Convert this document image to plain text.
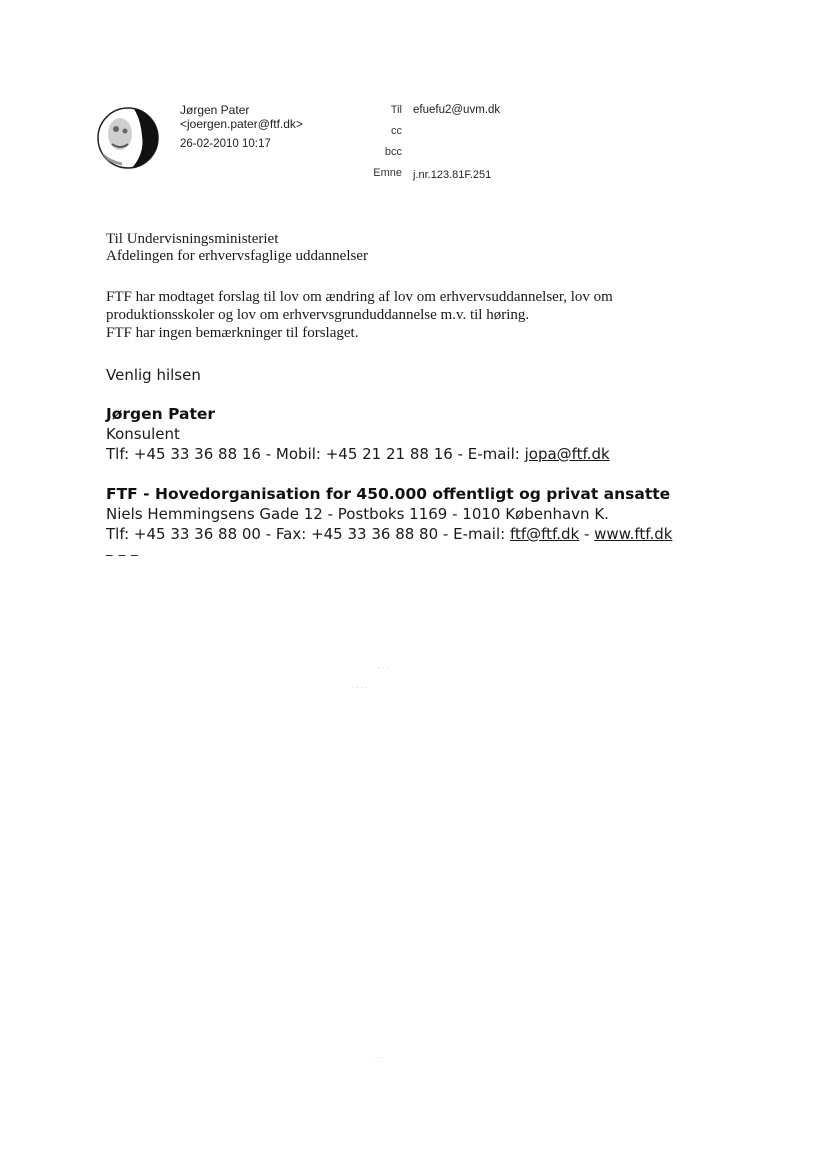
Jørgen Pater
<joergen.pater@ftf.dk>
26-02-2010 10:17
Til efuefu2@uvm.dk
cc
bcc
Emne j.nr.123.81F.251
Til Undervisningsministeriet
Afdelingen for erhvervsfaglige uddannelser
FTF har modtaget forslag til lov om ændring af lov om erhvervsuddannelser, lov om
produktionsskoler og lov om erhvervsgrunduddannelse m.v. til høring.
FTF har ingen bemærkninger til forslaget.
Venlig hilsen
Jørgen Pater
Konsulent
Tlf: +45 33 36 88 16 - Mobil: +45 21 21 88 16 - E-mail: jopa@ftf.dk
FTF - Hovedorganisation for 450.000 offentligt og privat ansatte
Niels Hemmingsens Gade 12 - Postboks 1169 - 1010 København K.
Tlf: +45 33 36 88 00 - Fax: +45 33 36 88 80 - E-mail: ftf@ftf.dk - www.ftf.dk
_ _ _
· · ·
· · · ·
· · ·
